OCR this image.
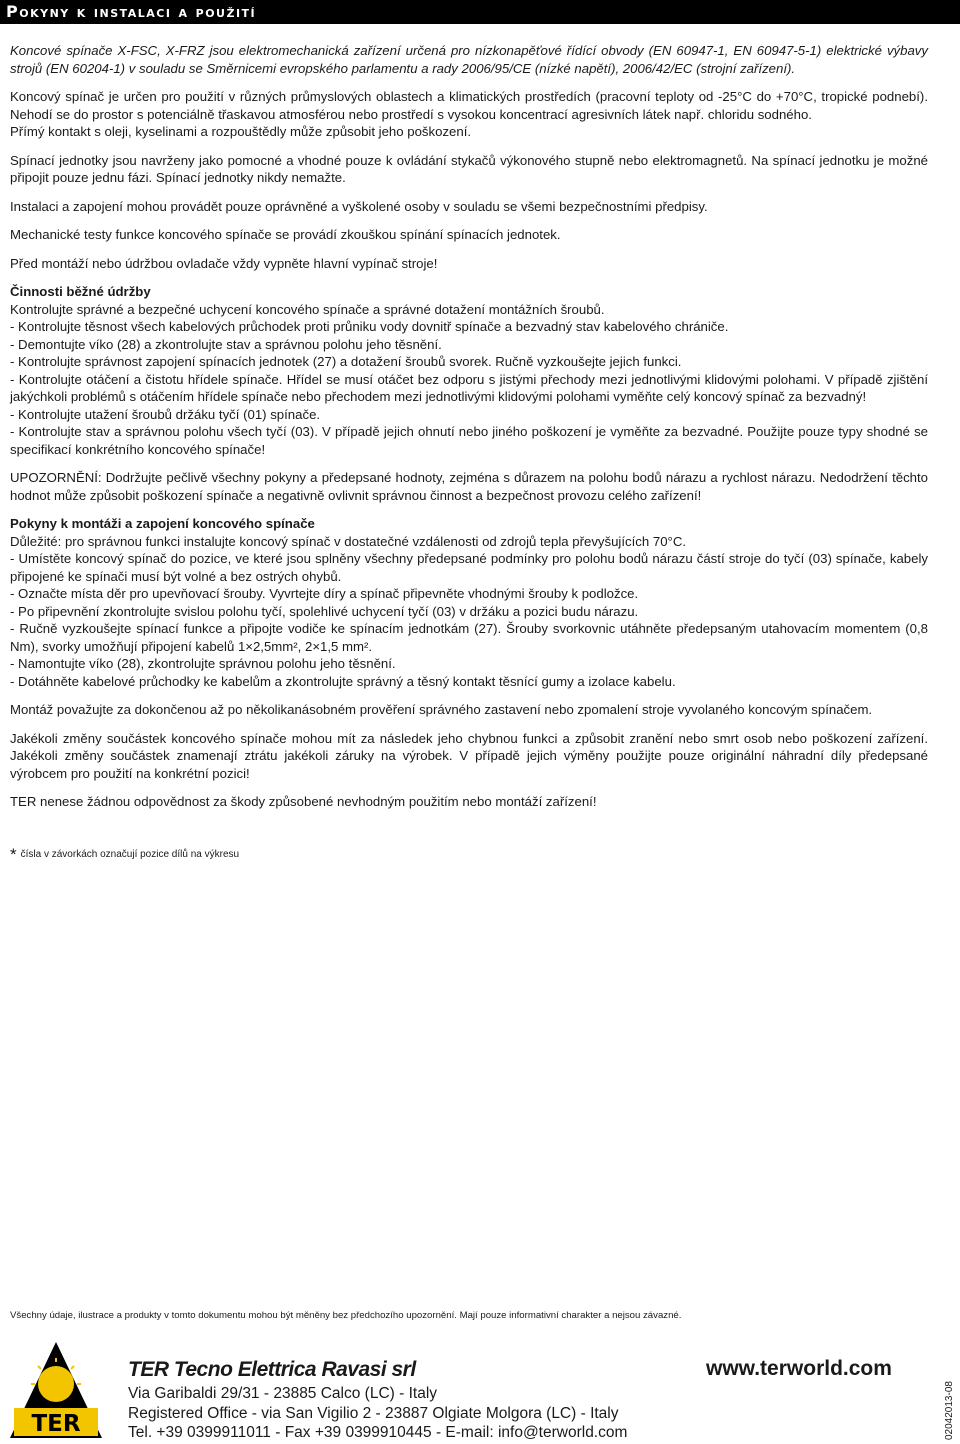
Pokyny k instalaci a použití

Koncové spínače X-FSC, X-FRZ jsou elektromechanická zařízení určená pro nízkonapěťové řídící obvody (EN 60947-1, EN 60947-5-1) elektrické výbavy strojů (EN 60204-1) v souladu se Směrnicemi evropského parlamentu a rady 2006/95/CE (nízké napětí), 2006/42/EC (strojní zařízení).

Koncový spínač je určen pro použití v různých průmyslových oblastech a klimatických prostředích (pracovní teploty od -25°C do +70°C, tropické podnebí). Nehodí se do prostor s potenciálně třaskavou atmosférou nebo prostředí s vysokou koncentrací agresivních látek např. chloridu sodného.

Přímý kontakt s oleji, kyselinami a rozpouštědly může způsobit jeho poškození.

Spínací jednotky jsou navrženy jako pomocné a vhodné pouze k ovládání stykačů výkonového stupně nebo elektromagnetů. Na spínací jednotku je možné připojit pouze jednu fázi. Spínací jednotky nikdy nemažte.

Instalaci a zapojení mohou provádět pouze oprávněné a vyškolené osoby v souladu se všemi bezpečnostními předpisy.

Mechanické testy funkce koncového spínače se provádí zkouškou spínání spínacích jednotek.

Před montáží nebo údržbou ovladače vždy vypněte hlavní vypínač stroje!

Činnosti běžné údržby
Kontrolujte správné a bezpečné uchycení koncového spínače a správné dotažení montážních šroubů.
- Kontrolujte těsnost všech kabelových průchodek proti průniku vody dovnitř spínače a bezvadný stav kabelového chráničе.
- Demontujte víko (28) a zkontrolujte stav a správnou polohu jeho těsnění.
- Kontrolujte správnost zapojení spínacích jednotek (27) a dotažení šroubů svorek. Ručně vyzkoušejte jejich funkci.
- Kontrolujte otáčení a čistotu hřídele spínače. Hřídel se musí otáčet bez odporu s jistými přechody mezi jednotlivými klidovými polohami. V případě zjištění jakýchkoli problémů s otáčením hřídele spínače nebo přechodem mezi jednotlivými klidovými polohami vyměňte celý koncový spínač za bezvadný!
- Kontrolujte utažení šroubů držáku tyčí (01) spínače.
- Kontrolujte stav a správnou polohu všech tyčí (03). V případě jejich ohnutí nebo jiného poškození je vyměňte za bezvadné. Použijte pouze typy shodné se specifikací konkrétního koncového spínače!

UPOZORNĚNÍ: Dodržujte pečlivě všechny pokyny a předepsané hodnoty, zejména s důrazem na polohu bodů nárazu a rychlost nárazu. Nedodržení těchto hodnot může způsobit poškození spínače a negativně ovlivnit správnou činnost a bezpečnost provozu celého zařízení!

Pokyny k montáži a zapojení koncového spínače
Důležité: pro správnou funkci instalujte koncový spínač v dostatečné vzdálenosti od zdrojů tepla převyšujících 70°C.
- Umístěte koncový spínač do pozice, ve které jsou splněny všechny předepsané podmínky pro polohu bodů nárazu částí stroje do tyčí (03) spínače, kabely připojené ke spínači musí být volné a bez ostrých ohybů.
- Označte místa děr pro upevňovací šrouby. Vyvrtejte díry a spínač připevněte vhodnými šrouby k podložce.
- Po připevnění zkontrolujte svislou polohu tyčí, spolehlivé uchycení tyčí (03) v držáku a pozici budu nárazu.
- Ručně vyzkoušejte spínací funkce a připojte vodiče ke spínacím jednotkám (27). Šrouby svorkovnic utáhněte předepsaným utahovacím momentem (0,8 Nm), svorky umožňují připojení kabelů 1×2,5mm², 2×1,5 mm².
- Namontujte víko (28), zkontrolujte správnou polohu jeho těsnění.
- Dotáhněte kabelové průchodky ke kabelům a zkontrolujte správný a těsný kontakt těsnící gumy a izolace kabelu.

Montáž považujte za dokončenou až po několikanásobném prověření správného zastavení nebo zpomalení stroje vyvolaného koncovým spínačem.

Jakékoli změny součástek koncového spínače mohou mít za následek jeho chybnou funkci a způsobit zranění nebo smrt osob nebo poškození zařízení. Jakékoli změny součástek znamenají ztrátu jakékoli záruky na výrobek. V případě jejich výměny použijte pouze originální náhradní díly předepsané výrobcem pro použití na konkrétní pozici!

TER nenese žádnou odpovědnost za škody způsobené nevhodným použitím nebo montáží zařízení!

* čísla v závorkách označují pozice dílů na výkresu
Všechny údaje, ilustrace a produkty v tomto dokumentu mohou být měněny bez předchozího upozornění. Mají pouze informativní charakter a nejsou závazné.
TER
TER Tecno Elettrica Ravasi srl
Via Garibaldi 29/31 - 23885 Calco (LC) - Italy
Registered Office - via San Vigilio 2 - 23887 Olgiate Molgora (LC) - Italy
Tel. +39 0399911011 - Fax +39 0399910445 - E-mail: info@terworld.com
www.terworld.com
02042013-08
